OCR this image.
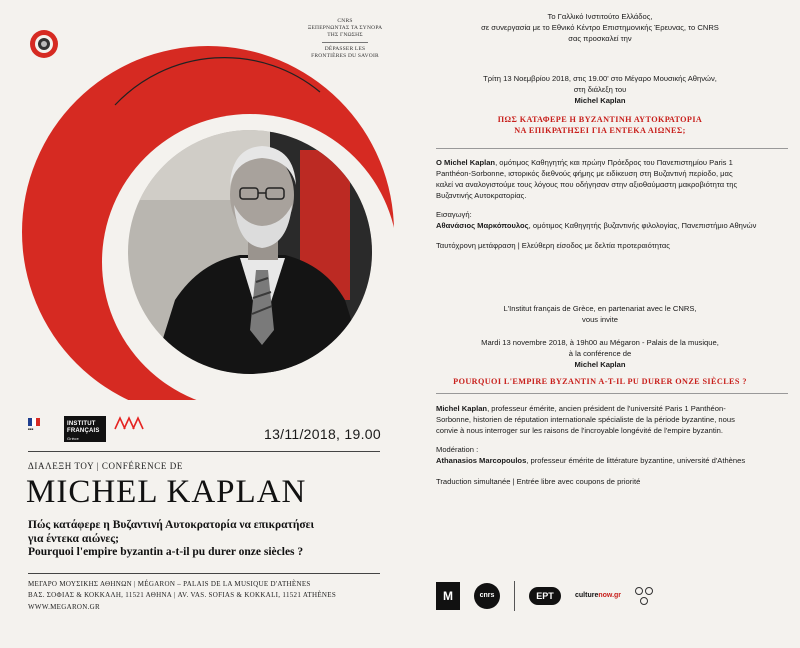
CNRS
ΞΕΠΕΡΝΩΝΤΑΣ ΤΑ ΣΥΝΟΡΑ
ΤΗΣ ΓΝΩΣΗΣ
DÉPASSER LES
FRONTIÈRES DU SAVOIR
■■■
INSTITUT
FRANÇAIS
Grèce	13/11/2018, 19.00
ΔΙΑΛΕΞΗ ΤΟΥ | CONFÉRENCE DE
MICHEL KAPLAN
Πώς κατάφερε η Βυζαντινή Αυτοκρατορία να επικρατήσει
για έντεκα αιώνες;
Pourquoi l'empire byzantin a-t-il pu durer onze siècles ?
ΜΕΓΑΡΟ ΜΟΥΣΙΚΗΣ ΑΘΗΝΩΝ | MÉGARON – PALAIS DE LA MUSIQUE D'ATHÈNES
ΒΑΣ. ΣΟΦΙΑΣ & ΚΟΚΚΑΛΗ, 11521 ΑΘΗΝΑ | AV. VAS. SOFIAS & KOKKALI, 11521 ATHÈNES
WWW.MEGARON.GR
Το Γαλλικό Ινστιτούτο Ελλάδος,
σε συνεργασία με το Εθνικό Κέντρο Επιστημονικής Έρευνας, το CNRS
σας προσκαλεί την
Τρίτη 13 Νοεμβρίου 2018, στις 19.00' στο Μέγαρο Μουσικής Αθηνών,
στη διάλεξη του
Michel Kaplan
ΠΩΣ ΚΑΤΑΦΕΡΕ Η ΒΥΖΑΝΤΙΝΗ ΑΥΤΟΚΡΑΤΟΡΙΑ
ΝΑ ΕΠΙΚΡΑΤΗΣΕΙ ΓΙΑ ΕΝΤΕΚΑ ΑΙΩΝΕΣ;
Ο Michel Kaplan, ομότιμος Καθηγητής και πρώην Πρόεδρος του Πανεπιστημίου Paris 1
Panthéon-Sorbonne, ιστορικός διεθνούς φήμης με ειδίκευση στη Βυζαντινή περίοδο, μας
καλεί να αναλογιστούμε τους λόγους που οδήγησαν στην αξιοθαύμαστη μακροβιότητα της
Βυζαντινής Αυτοκρατορίας.
Εισαγωγή:
Αθανάσιος Μαρκόπουλος, ομότιμος Καθηγητής βυζαντινής φιλολογίας, Πανεπιστήμιο Αθηνών
Ταυτόχρονη μετάφραση | Ελεύθερη είσοδος με δελτία προτεραιότητας
L'Institut français de Grèce, en partenariat avec le CNRS,
vous invite
Mardi 13 novembre 2018, à 19h00 au Mégaron - Palais de la musique,
à la conférence de
Michel Kaplan
POURQUOI L'EMPIRE BYZANTIN A-T-IL PU DURER ONZE SIÈCLES ?
Michel Kaplan, professeur émérite, ancien président de l'université Paris 1 Panthéon-
Sorbonne, historien de réputation internationale spécialiste de la période byzantine, nous
convie à nous interroger sur les raisons de l'incroyable longévité de l'empire byzantin.
Modération :
Athanasios Marcopoulos, professeur émérite de littérature byzantine, université d'Athènes
Traduction simultanée | Entrée libre avec coupons de priorité
M	cnrs	EPT	culture now.gr
